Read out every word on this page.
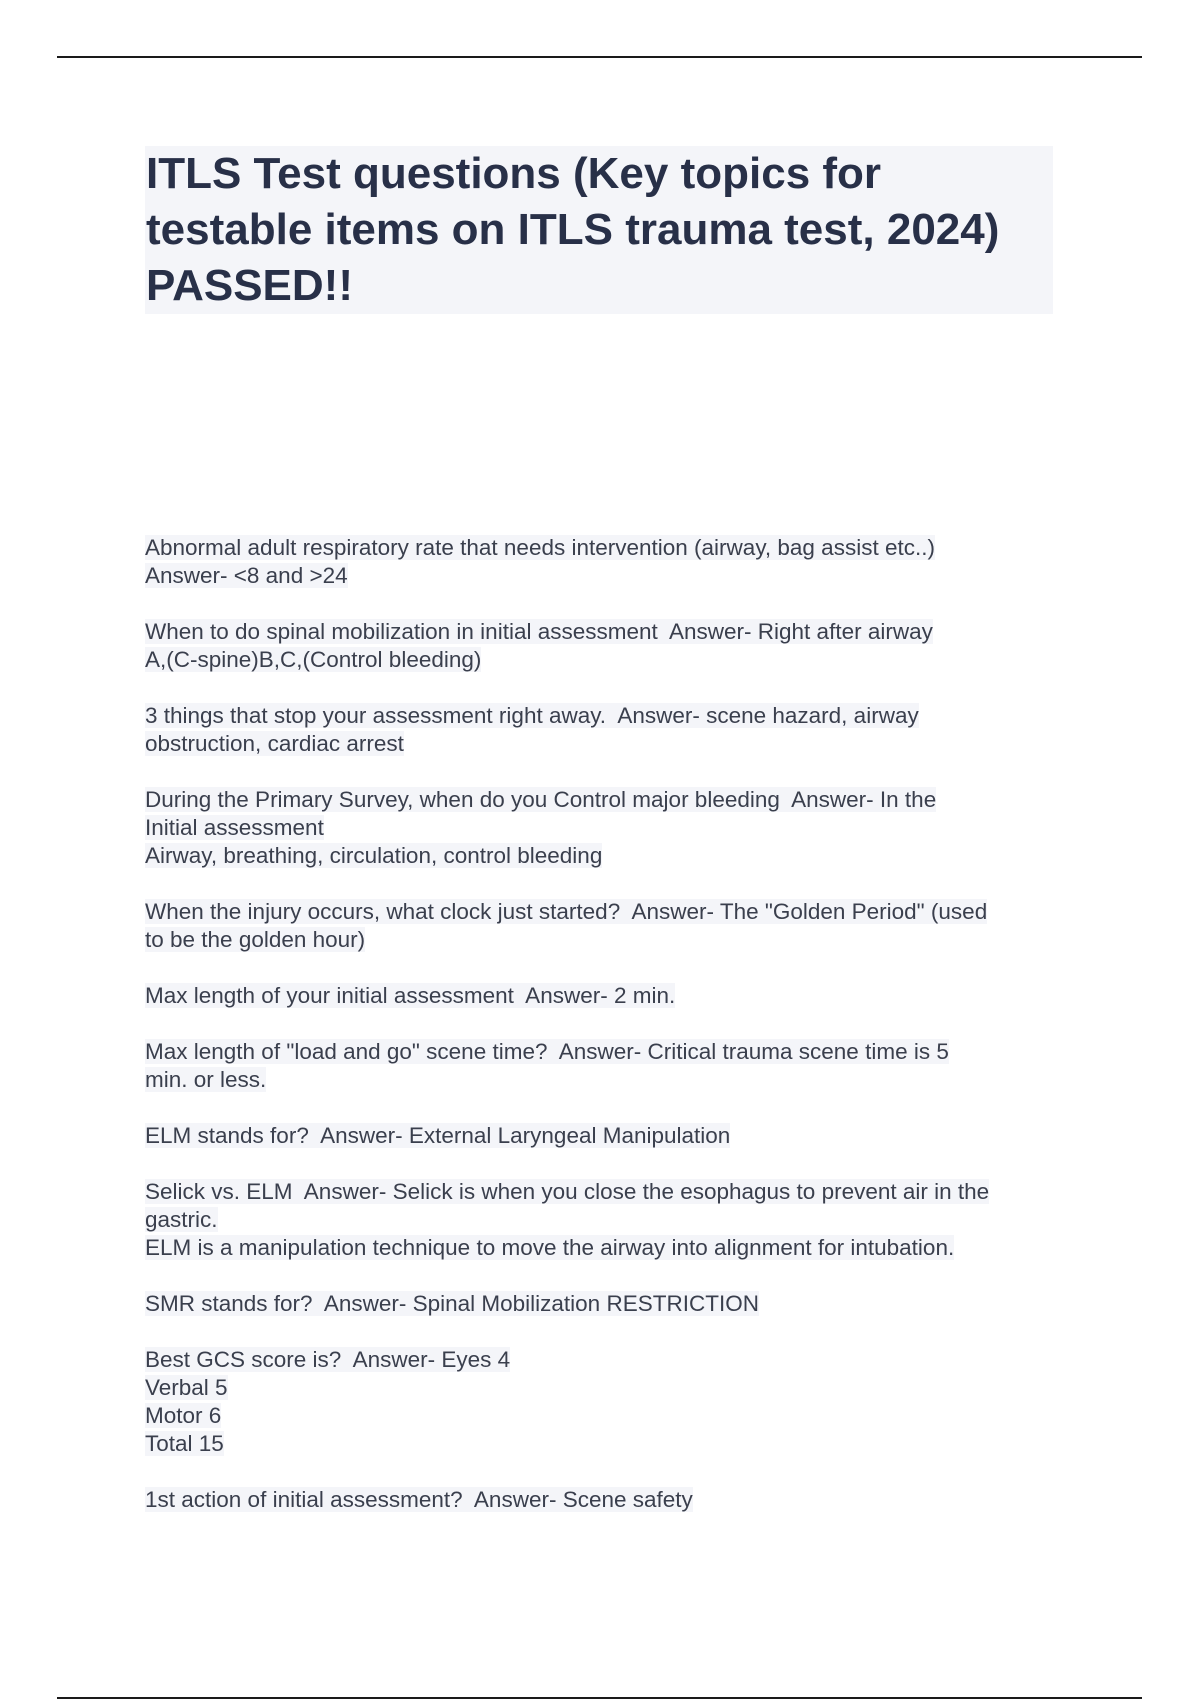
ITLS Test questions (Key topics for testable items on ITLS trauma test, 2024) PASSED!!
Abnormal adult respiratory rate that needs intervention (airway, bag assist etc..)
Answer- <8 and >24
When to do spinal mobilization in initial assessment  Answer- Right after airway
A,(C-spine)B,C,(Control bleeding)
3 things that stop your assessment right away.  Answer- scene hazard, airway
obstruction, cardiac arrest
During the Primary Survey, when do you Control major bleeding  Answer- In the
Initial assessment
Airway, breathing, circulation, control bleeding
When the injury occurs, what clock just started?  Answer- The "Golden Period" (used
to be the golden hour)
Max length of your initial assessment  Answer- 2 min.
Max length of "load and go" scene time?  Answer- Critical trauma scene time is 5
min. or less.
ELM stands for?  Answer- External Laryngeal Manipulation
Selick vs. ELM  Answer- Selick is when you close the esophagus to prevent air in the
gastric.
ELM is a manipulation technique to move the airway into alignment for intubation.
SMR stands for?  Answer- Spinal Mobilization RESTRICTION
Best GCS score is?  Answer- Eyes 4
Verbal 5
Motor 6
Total 15
1st action of initial assessment?  Answer- Scene safety
